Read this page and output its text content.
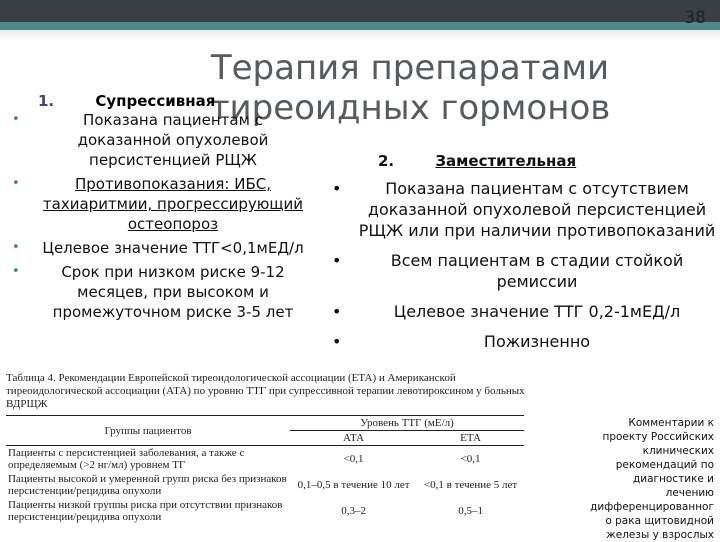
38
Терапия препаратами тиреоидных гормонов
1.	Супрессивная
•	Показана пациентам с доказанной опухолевой персистенцией РЩЖ
•	Противопоказания: ИБС, тахиаритмии, прогрессирующий остеопороз
• Целевое значение ТТГ<0,1мЕД/л
•	Срок при низком риске 9-12 месяцев, при высоком и промежуточном риске 3-5 лет
2.	Заместительная
•	Показана пациентам с отсутствием доказанной опухолевой персистенцией РЩЖ или при наличии противопоказаний
•	Всем пациентам в стадии стойкой ремиссии
•	Целевое значение ТТГ 0,2-1мЕД/л
•	Пожизненно
Таблица 4. Рекомендации Европейской тиреоидологической ассоциации (ЕТА) и Американской тиреоидологической ассоциации (АТА) по уровню ТТГ при супрессивной терапии левотироксином у больных ВДРЩЖ
Группы пациентов	Уровень ТТГ (мЕ/л)	
	АТА	ЕТА
Пациенты с персистенцией заболевания, а также с определяемым (>2 нг/мл) уровнем ТГ	<0,1	<0,1
Пациенты высокой и умеренной групп риска без признаков персистенции/рецидива опухоли	0,1–0,5 в течение 10 лет	<0,1 в течение 5 лет
Пациенты низкой группы риска при отсутствии признаков персистенции/рецидива опухоли	0,3–2	0,5–1
Комментарии к проекту Российских клинических рекомендаций по диагностике и лечению дифференцированног о рака щитовидной железы у взрослых
